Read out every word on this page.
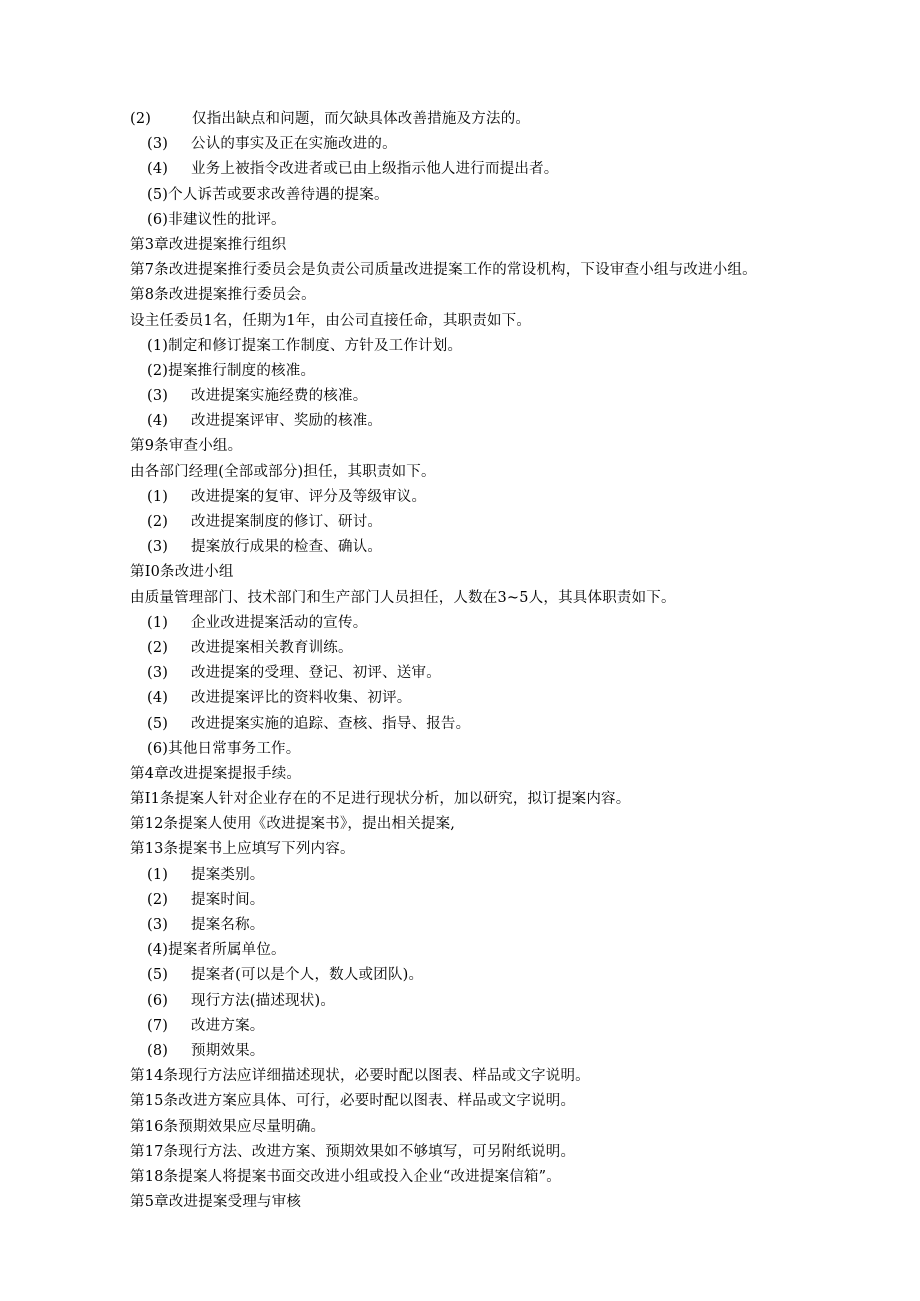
(2)	仅指出缺点和问题，而欠缺具体改善措施及方法的。
(3) 公认的事实及正在实施改进的。
(4) 业务上被指令改进者或已由上级指示他人进行而提出者。
(5)个人诉苦或要求改善待遇的提案。
(6)非建议性的批评。
第3章改进提案推行组织
第7条改进提案推行委员会是负责公司质量改进提案工作的常设机构，下设审查小组与改进小组。
第8条改进提案推行委员会。
设主任委员1名，任期为1年，由公司直接任命，其职责如下。
(1)制定和修订提案工作制度、方针及工作计划。
(2)提案推行制度的核准。
(3) 改进提案实施经费的核准。
(4) 改进提案评审、奖励的核准。
第9条审查小组。
由各部门经理(全部或部分)担任，其职责如下。
(1) 改进提案的复审、评分及等级审议。
(2) 改进提案制度的修订、研讨。
(3) 提案放行成果的检查、确认。
第I0条改进小组
由质量管理部门、技术部门和生产部门人员担任，人数在3~5人，其具体职责如下。
(1) 企业改进提案活动的宣传。
(2) 改进提案相关教育训练。
(3) 改进提案的受理、登记、初评、送审。
(4) 改进提案评比的资料收集、初评。
(5) 改进提案实施的追踪、查核、指导、报告。
(6)其他日常事务工作。
第4章改进提案提报手续。
第I1条提案人针对企业存在的不足进行现状分析，加以研究，拟订提案内容。
第12条提案人使用《改进提案书》，提出相关提案,
第13条提案书上应填写下列内容。
(1) 提案类别。
(2) 提案时间。
(3) 提案名称。
(4)提案者所属单位。
(5) 提案者(可以是个人，数人或团队)。
(6) 现行方法(描述现状)。
(7) 改进方案。
(8) 预期效果。
第14条现行方法应详细描述现状，必要时配以图表、样品或文字说明。
第15条改进方案应具体、可行，必要时配以图表、样品或文字说明。
第16条预期效果应尽量明确。
第17条现行方法、改进方案、预期效果如不够填写，可另附纸说明。
第18条提案人将提案书面交改进小组或投入企业“改进提案信箱”。
第5章改进提案受理与审核
